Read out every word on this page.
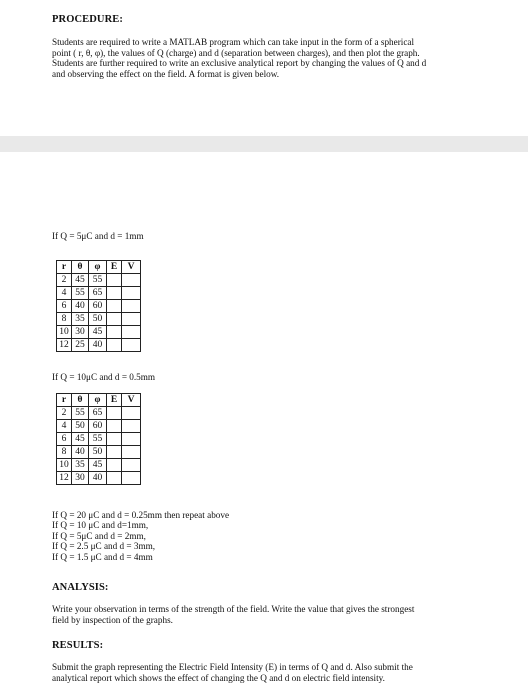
PROCEDURE:
Students are required to write a MATLAB program which can take input in the form of a spherical
point ( r, θ, φ), the values of Q (charge) and d (separation between charges), and then plot the graph.
Students are further required to write an exclusive analytical report by changing the values of Q and d
and observing the effect on the field. A format is given below.
If Q = 5μC and d = 1mm
r	θ	φ	E	V
2	45	55		
4	55	65		
6	40	60		
8	35	50		
10	30	45		
12	25	40		
If Q = 10μC and d = 0.5mm
r	θ	φ	E	V
2	55	65		
4	50	60		
6	45	55		
8	40	50		
10	35	45		
12	30	40		
If Q = 20 μC and d = 0.25mm then repeat above
If Q = 10 μC and d=1mm,
If Q = 5μC and d = 2mm,
If Q = 2.5 μC and d = 3mm,
If Q = 1.5 μC and d = 4mm
ANALYSIS:
Write your observation in terms of the strength of the field. Write the value that gives the strongest
field by inspection of the graphs.
RESULTS:
Submit the graph representing the Electric Field Intensity (E) in terms of Q and d. Also submit the
analytical report which shows the effect of changing the Q and d on electric field intensity.
